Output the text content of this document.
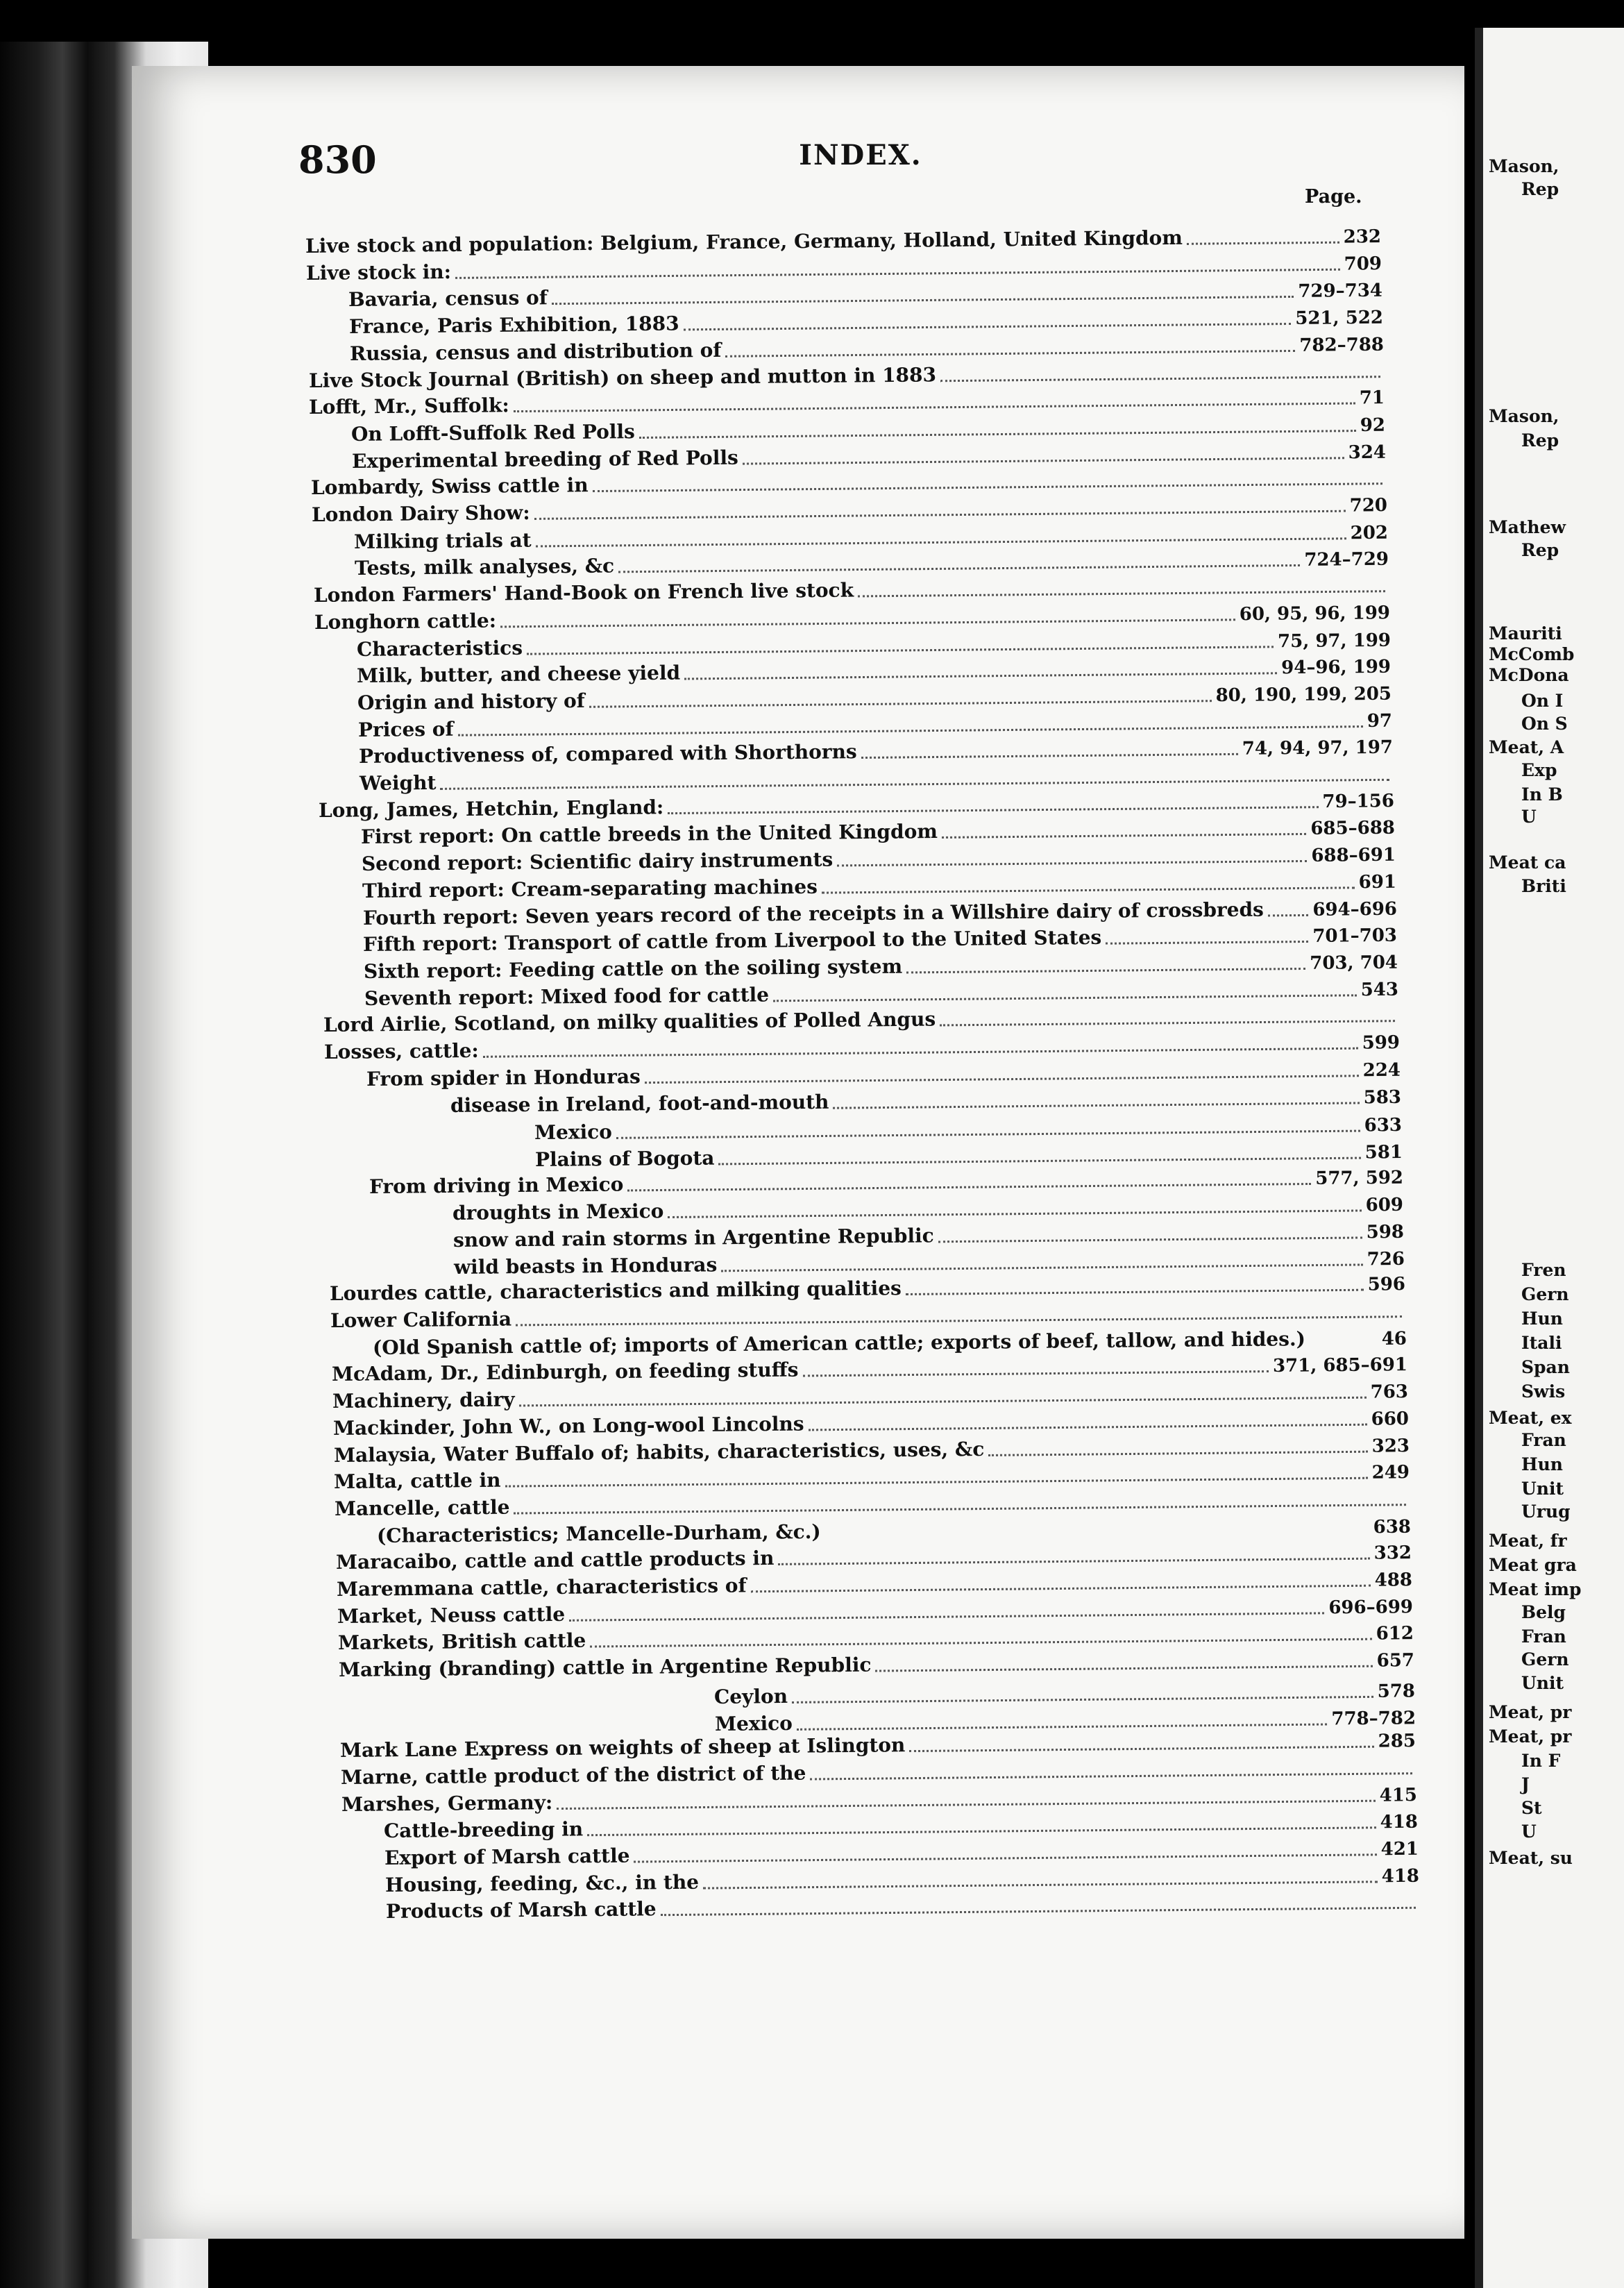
Mason,
Rep
Mason,
Rep
Mathew
Rep
Mauriti
McComb
McDona
On I
On S
Meat, A
Exp
In B
U
Meat ca
Briti
Fren
Gern
Hun
Itali
Span
Swis
Meat, ex
Fran
Hun
Unit
Urug
Meat, fr
Meat gra
Meat imp
Belg
Fran
Gern
Unit
Meat, pr
Meat, pr
In F
J
St
U
Meat, su
830	INDEX.
Page.
Live stock and population: Belgium, France, Germany, Holland, United Kingdom	232
Live stock in:	709
Bavaria, census of	729–734
France, Paris Exhibition, 1883	521, 522
Russia, census and distribution of	782–788
Live Stock Journal (British) on sheep and mutton in 1883
Lofft, Mr., Suffolk:	71
On Lofft-Suffolk Red Polls	92
Experimental breeding of Red Polls	324
Lombardy, Swiss cattle in
London Dairy Show:	720
Milking trials at	202
Tests, milk analyses, &c	724–729
London Farmers' Hand-Book on French live stock
Longhorn cattle:	60, 95, 96, 199
Characteristics	75, 97, 199
Milk, butter, and cheese yield	94–96, 199
Origin and history of	80, 190, 199, 205
Prices of	97
Productiveness of, compared with Shorthorns	74, 94, 97, 197
Weight
Long, James, Hetchin, England:	79–156
First report: On cattle breeds in the United Kingdom	685–688
Second report: Scientific dairy instruments	688–691
Third report: Cream-separating machines	691
Fourth report: Seven years record of the receipts in a Willshire dairy of crossbreds	694–696
Fifth report: Transport of cattle from Liverpool to the United States	701–703
Sixth report: Feeding cattle on the soiling system	703, 704
Seventh report: Mixed food for cattle	543
Lord Airlie, Scotland, on milky qualities of Polled Angus
Losses, cattle:	599
From spider in Honduras	224
disease in Ireland, foot-and-mouth	583
Mexico	633
Plains of Bogota	581
From driving in Mexico	577, 592
droughts in Mexico	609
snow and rain storms in Argentine Republic	598
wild beasts in Honduras	726
Lourdes cattle, characteristics and milking qualities	596
Lower California
(Old Spanish cattle of; imports of American cattle; exports of beef, tallow, and hides.)	46
McAdam, Dr., Edinburgh, on feeding stuffs	371, 685–691
Machinery, dairy	763
Mackinder, John W., on Long-wool Lincolns	660
Malaysia, Water Buffalo of; habits, characteristics, uses, &c	323
Malta, cattle in	249
Mancelle, cattle
(Characteristics; Mancelle-Durham, &c.)	638
Maracaibo, cattle and cattle products in	332
Maremmana cattle, characteristics of	488
Market, Neuss cattle	696–699
Markets, British cattle	612
Marking (branding) cattle in Argentine Republic	657
Ceylon	578
Mexico	778–782
Mark Lane Express on weights of sheep at Islington	285
Marne, cattle product of the district of the
Marshes, Germany:	415
Cattle-breeding in	418
Export of Marsh cattle	421
Housing, feeding, &c., in the	418
Products of Marsh cattle
